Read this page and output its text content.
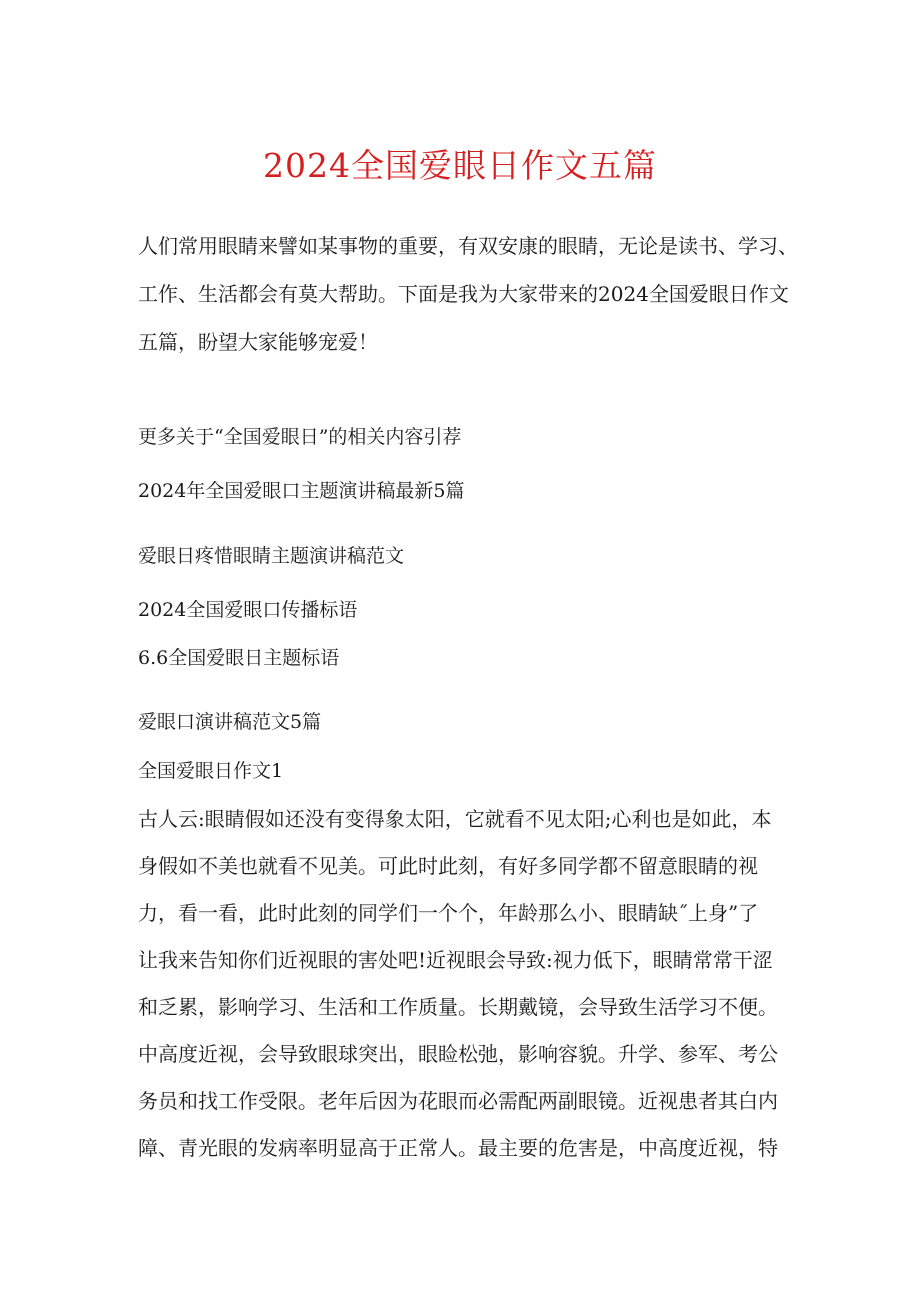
2024全国爱眼日作文五篇

人们常用眼睛来譬如某事物的重要，有双安康的眼睛，无论是读书、学习、工作、生活都会有莫大帮助。下面是我为大家带来的2024全国爱眼日作文五篇，盼望大家能够宠爱！

更多关于“全国爱眼日”的相关内容引荐
2024年全国爱眼口主题演讲稿最新5篇
爱眼日疼惜眼睛主题演讲稿范文
2024全国爱眼口传播标语
6.6全国爱眼日主题标语
爱眼口演讲稿范文5篇
全国爱眼日作文1

古人云:眼睛假如还没有变得象太阳，它就看不见太阳;心利也是如此，本身假如不美也就看不见美。可此时此刻，有好多同学都不留意眼睛的视力，看一看，此时此刻的同学们一个个，年龄那么小、眼睛缺˝上身”了

让我来告知你们近视眼的害处吧!近视眼会导致:视力低下，眼睛常常干涩和乏累，影响学习、生活和工作质量。长期戴镜，会导致生活学习不便。中高度近视，会导致眼球突出，眼睑松弛，影响容貌。升学、参军、考公务员和找工作受限。老年后因为花眼而必需配两副眼镜。近视患者其白内障、青光眼的发病率明显高于正常人。最主要的危害是，中高度近视，特
